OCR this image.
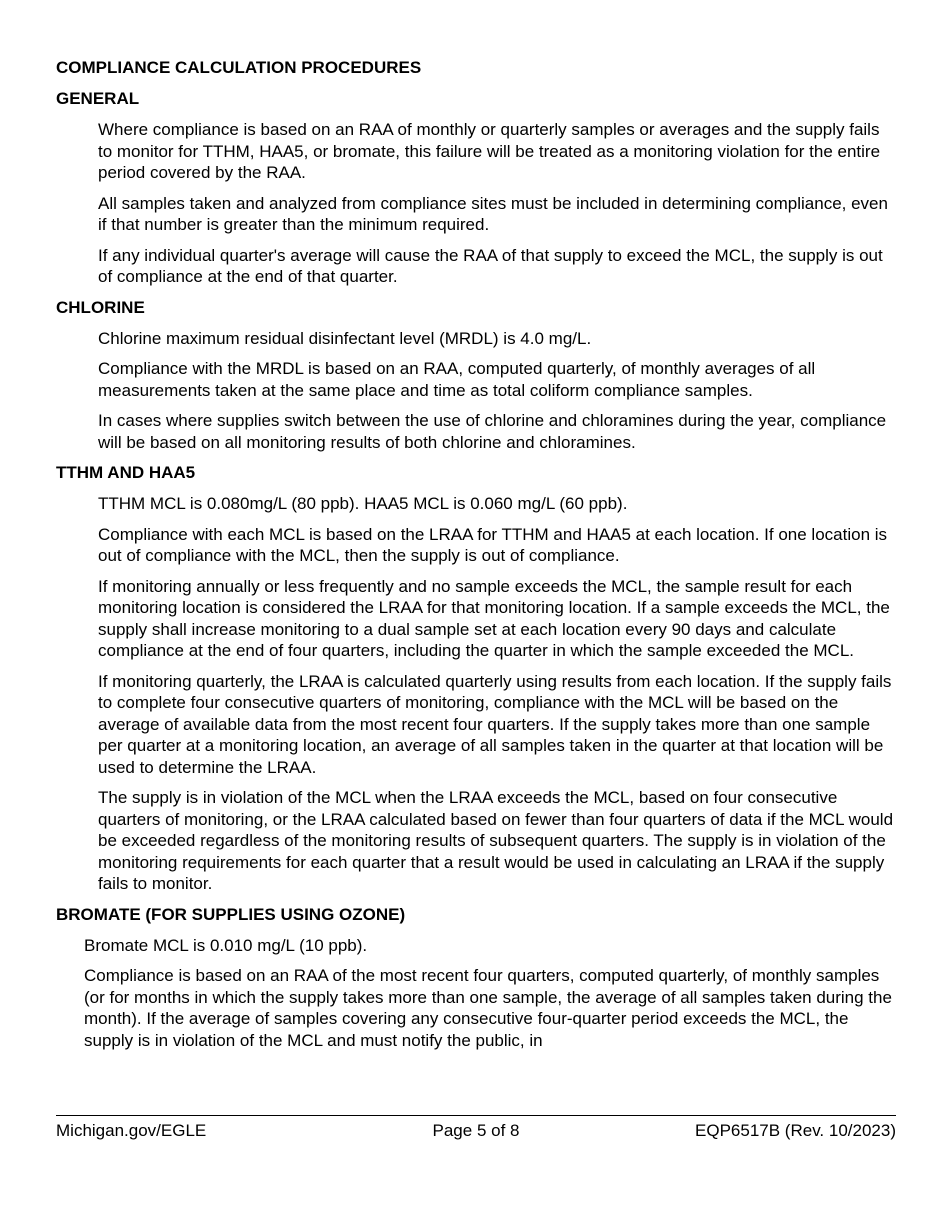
COMPLIANCE CALCULATION PROCEDURES
GENERAL

Where compliance is based on an RAA of monthly or quarterly samples or averages and the supply fails to monitor for TTHM, HAA5, or bromate, this failure will be treated as a monitoring violation for the entire period covered by the RAA.

All samples taken and analyzed from compliance sites must be included in determining compliance, even if that number is greater than the minimum required.

If any individual quarter's average will cause the RAA of that supply to exceed the MCL, the supply is out of compliance at the end of that quarter.

CHLORINE

Chlorine maximum residual disinfectant level (MRDL) is 4.0 mg/L.

Compliance with the MRDL is based on an RAA, computed quarterly, of monthly averages of all measurements taken at the same place and time as total coliform compliance samples.

In cases where supplies switch between the use of chlorine and chloramines during the year, compliance will be based on all monitoring results of both chlorine and chloramines.

TTHM AND HAA5

TTHM MCL is 0.080mg/L (80 ppb). HAA5 MCL is 0.060 mg/L (60 ppb).

Compliance with each MCL is based on the LRAA for TTHM and HAA5 at each location. If one location is out of compliance with the MCL, then the supply is out of compliance.

If monitoring annually or less frequently and no sample exceeds the MCL, the sample result for each monitoring location is considered the LRAA for that monitoring location. If a sample exceeds the MCL, the supply shall increase monitoring to a dual sample set at each location every 90 days and calculate compliance at the end of four quarters, including the quarter in which the sample exceeded the MCL.

If monitoring quarterly, the LRAA is calculated quarterly using results from each location. If the supply fails to complete four consecutive quarters of monitoring, compliance with the MCL will be based on the average of available data from the most recent four quarters. If the supply takes more than one sample per quarter at a monitoring location, an average of all samples taken in the quarter at that location will be used to determine the LRAA.

The supply is in violation of the MCL when the LRAA exceeds the MCL, based on four consecutive quarters of monitoring, or the LRAA calculated based on fewer than four quarters of data if the MCL would be exceeded regardless of the monitoring results of subsequent quarters. The supply is in violation of the monitoring requirements for each quarter that a result would be used in calculating an LRAA if the supply fails to monitor.

BROMATE (FOR SUPPLIES USING OZONE)

Bromate MCL is 0.010 mg/L (10 ppb).

Compliance is based on an RAA of the most recent four quarters, computed quarterly, of monthly samples (or for months in which the supply takes more than one sample, the average of all samples taken during the month). If the average of samples covering any consecutive four-quarter period exceeds the MCL, the supply is in violation of the MCL and must notify the public, in

Michigan.gov/EGLE	Page 5 of 8	EQP6517B (Rev. 10/2023)
